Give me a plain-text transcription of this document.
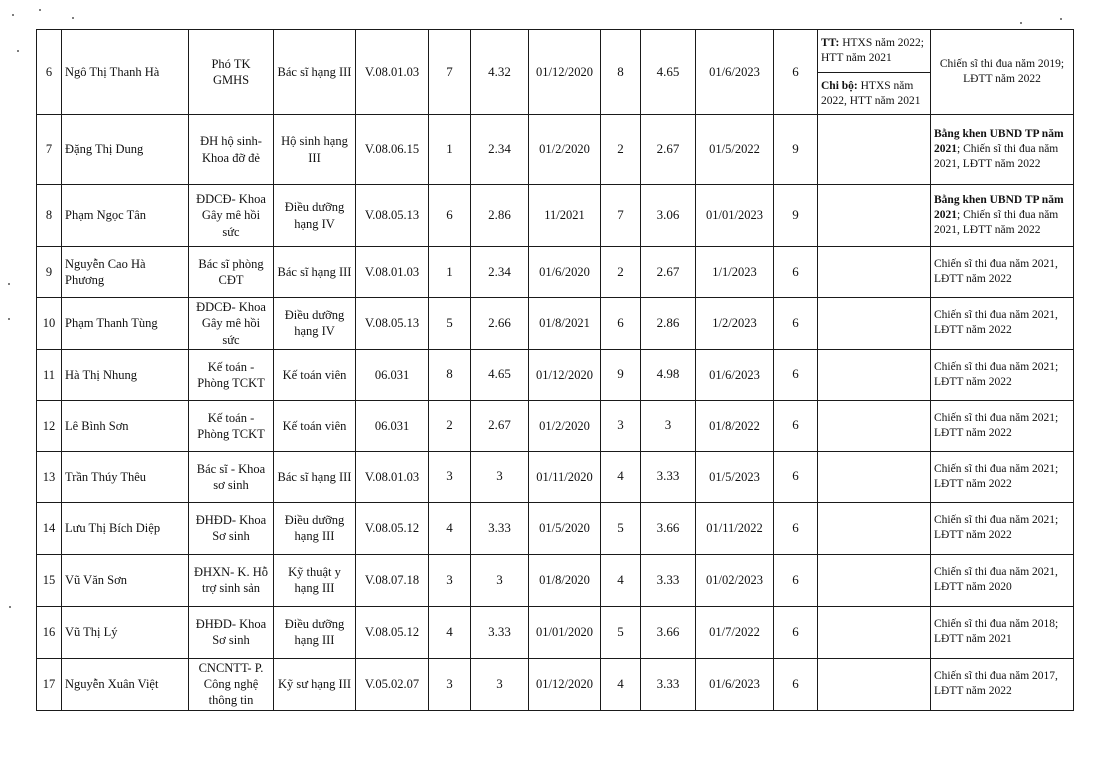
6	Ngô Thị Thanh Hà	Phó TK GMHS	Bác sĩ hạng III	V.08.01.03	7	4.32	01/12/2020	8	4.65	01/6/2023	6	TT: HTXS năm 2022; HTT năm 2021	Chiến sĩ thi đua năm 2019; LĐTT năm 2022
												Chi bộ: HTXS năm 2022, HTT năm 2021	
7	Đặng Thị Dung	ĐH hộ sinh- Khoa đỡ đẻ	Hộ sinh hạng III	V.08.06.15	1	2.34	01/2/2020	2	2.67	01/5/2022	9		Bằng khen UBND TP năm 2021; Chiến sĩ thi đua năm 2021, LĐTT năm 2022
8	Phạm Ngọc Tân	ĐDCĐ- Khoa Gây mê hồi sức	Điều dưỡng hạng IV	V.08.05.13	6	2.86	11/2021	7	3.06	01/01/2023	9		Bằng khen UBND TP năm 2021; Chiến sĩ thi đua năm 2021, LĐTT năm 2022
9	Nguyễn Cao Hà Phương	Bác sĩ phòng CĐT	Bác sĩ hạng III	V.08.01.03	1	2.34	01/6/2020	2	2.67	1/1/2023	6		Chiến sĩ thi đua năm 2021, LĐTT năm 2022
10	Phạm Thanh Tùng	ĐDCĐ- Khoa Gây mê hồi sức	Điều dưỡng hạng IV	V.08.05.13	5	2.66	01/8/2021	6	2.86	1/2/2023	6		Chiến sĩ thi đua năm 2021, LĐTT năm 2022
11	Hà Thị Nhung	Kế toán - Phòng TCKT	Kế toán viên	06.031	8	4.65	01/12/2020	9	4.98	01/6/2023	6		Chiến sĩ thi đua năm 2021; LĐTT năm 2022
12	Lê Bình Sơn	Kế toán - Phòng TCKT	Kế toán viên	06.031	2	2.67	01/2/2020	3	3	01/8/2022	6		Chiến sĩ thi đua năm 2021; LĐTT năm 2022
13	Trần Thúy Thêu	Bác sĩ - Khoa sơ sinh	Bác sĩ hạng III	V.08.01.03	3	3	01/11/2020	4	3.33	01/5/2023	6		Chiến sĩ thi đua năm 2021; LĐTT năm 2022
14	Lưu Thị Bích Diệp	ĐHĐD- Khoa Sơ sinh	Điều dưỡng hạng III	V.08.05.12	4	3.33	01/5/2020	5	3.66	01/11/2022	6		Chiến sĩ thi đua năm 2021; LĐTT năm 2022
15	Vũ Văn Sơn	ĐHXN- K. Hỗ trợ sinh sản	Kỹ thuật y hạng III	V.08.07.18	3	3	01/8/2020	4	3.33	01/02/2023	6		Chiến sĩ thi đua năm 2021, LĐTT năm 2020
16	Vũ Thị Lý	ĐHĐD- Khoa Sơ sinh	Điều dưỡng hạng III	V.08.05.12	4	3.33	01/01/2020	5	3.66	01/7/2022	6		Chiến sĩ thi đua năm 2018; LĐTT năm 2021
17	Nguyễn Xuân Việt	CNCNTT- P. Công nghệ thông tin	Kỹ sư hạng III	V.05.02.07	3	3	01/12/2020	4	3.33	01/6/2023	6		Chiến sĩ thi đua năm 2017, LĐTT năm 2022
